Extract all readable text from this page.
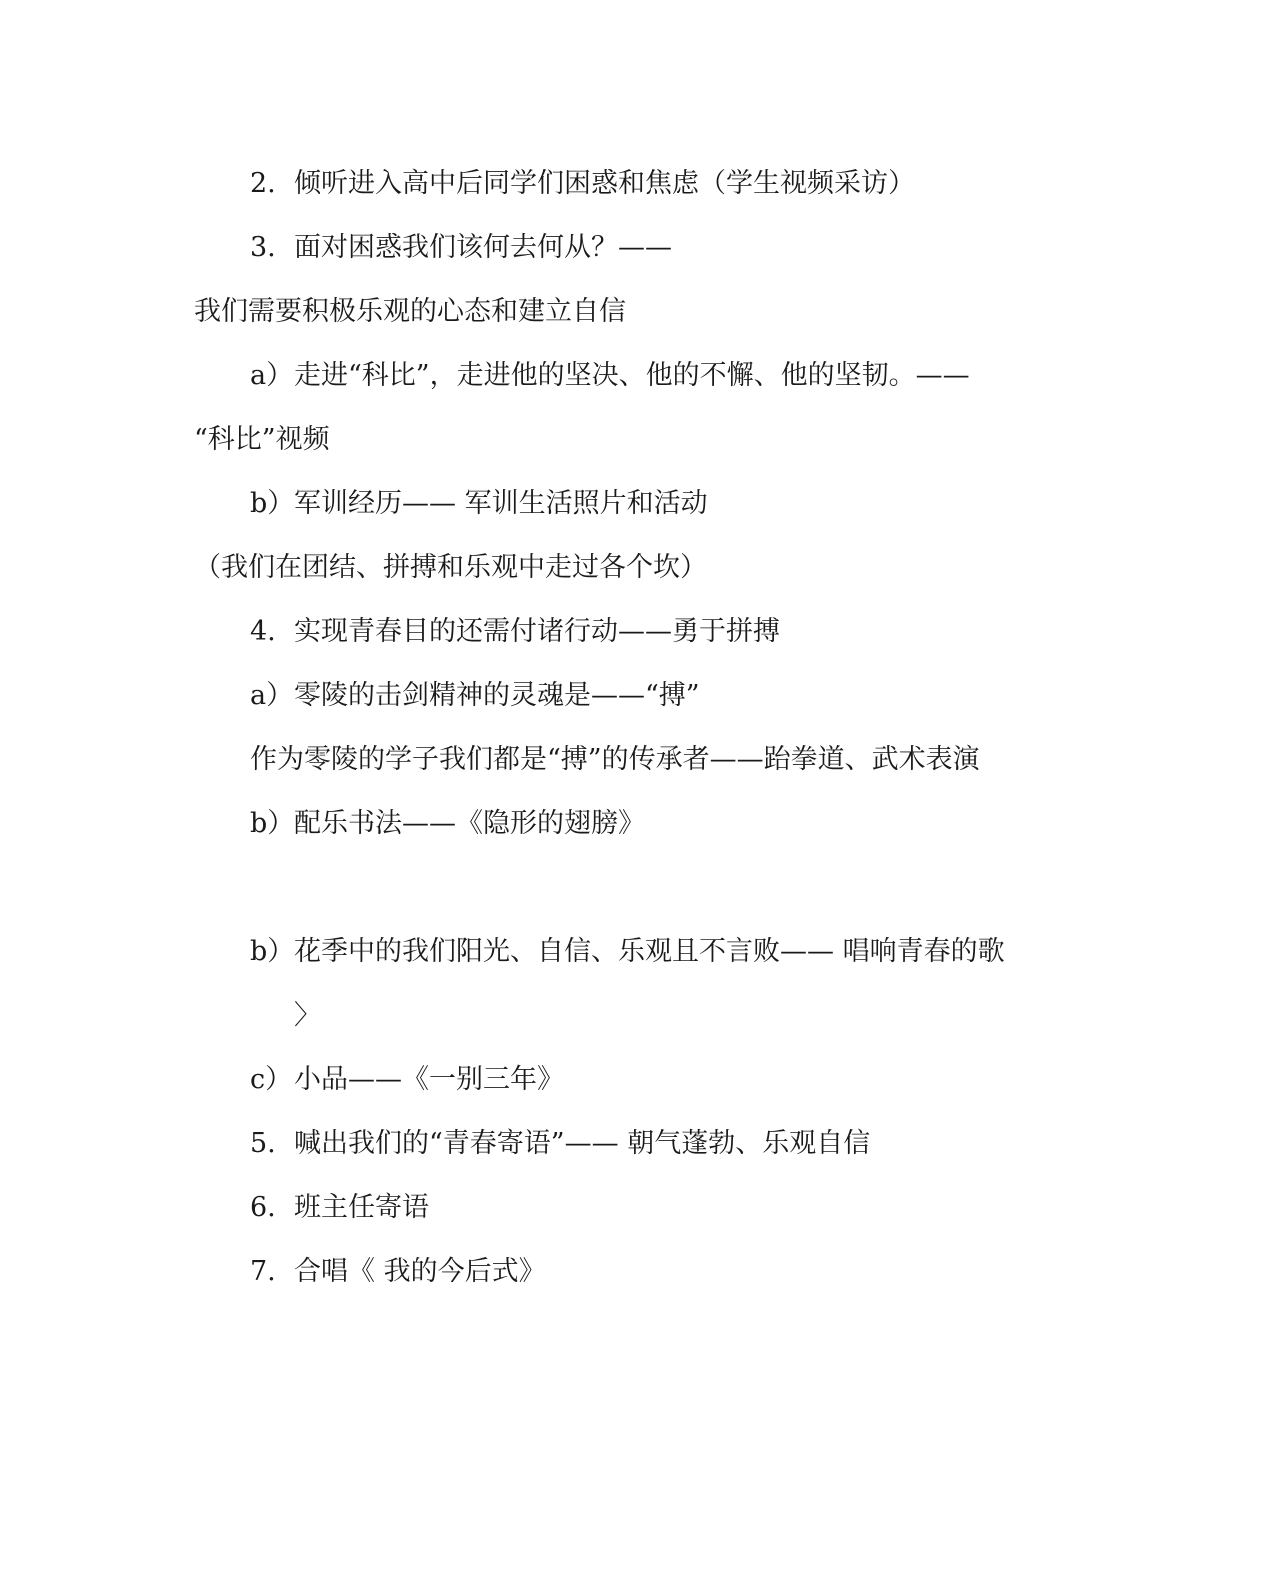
2. 倾听进入高中后同学们困惑和焦虑（学生视频采访）
3. 面对困惑我们该何去何从？——
我们需要积极乐观的心态和建立自信
a）走进“科比”，走进他的坚决、他的不懈、他的坚韧。——
“科比”视频
b）军训经历—— 军训生活照片和活动
（我们在团结、拼搏和乐观中走过各个坎）
4. 实现青春目的还需付诸行动——勇于拼搏
a）零陵的击剑精神的灵魂是——“搏”
作为零陵的学子我们都是“搏”的传承者——跆拳道、武术表演
b）配乐书法——《隐形的翅膀》
b）花季中的我们阳光、自信、乐观且不言败—— 唱响青春的歌
〉
c）小品——《一别三年》
5. 喊出我们的“青春寄语”—— 朝气蓬勃、乐观自信
6. 班主任寄语
7. 合唱《 我的今后式》
